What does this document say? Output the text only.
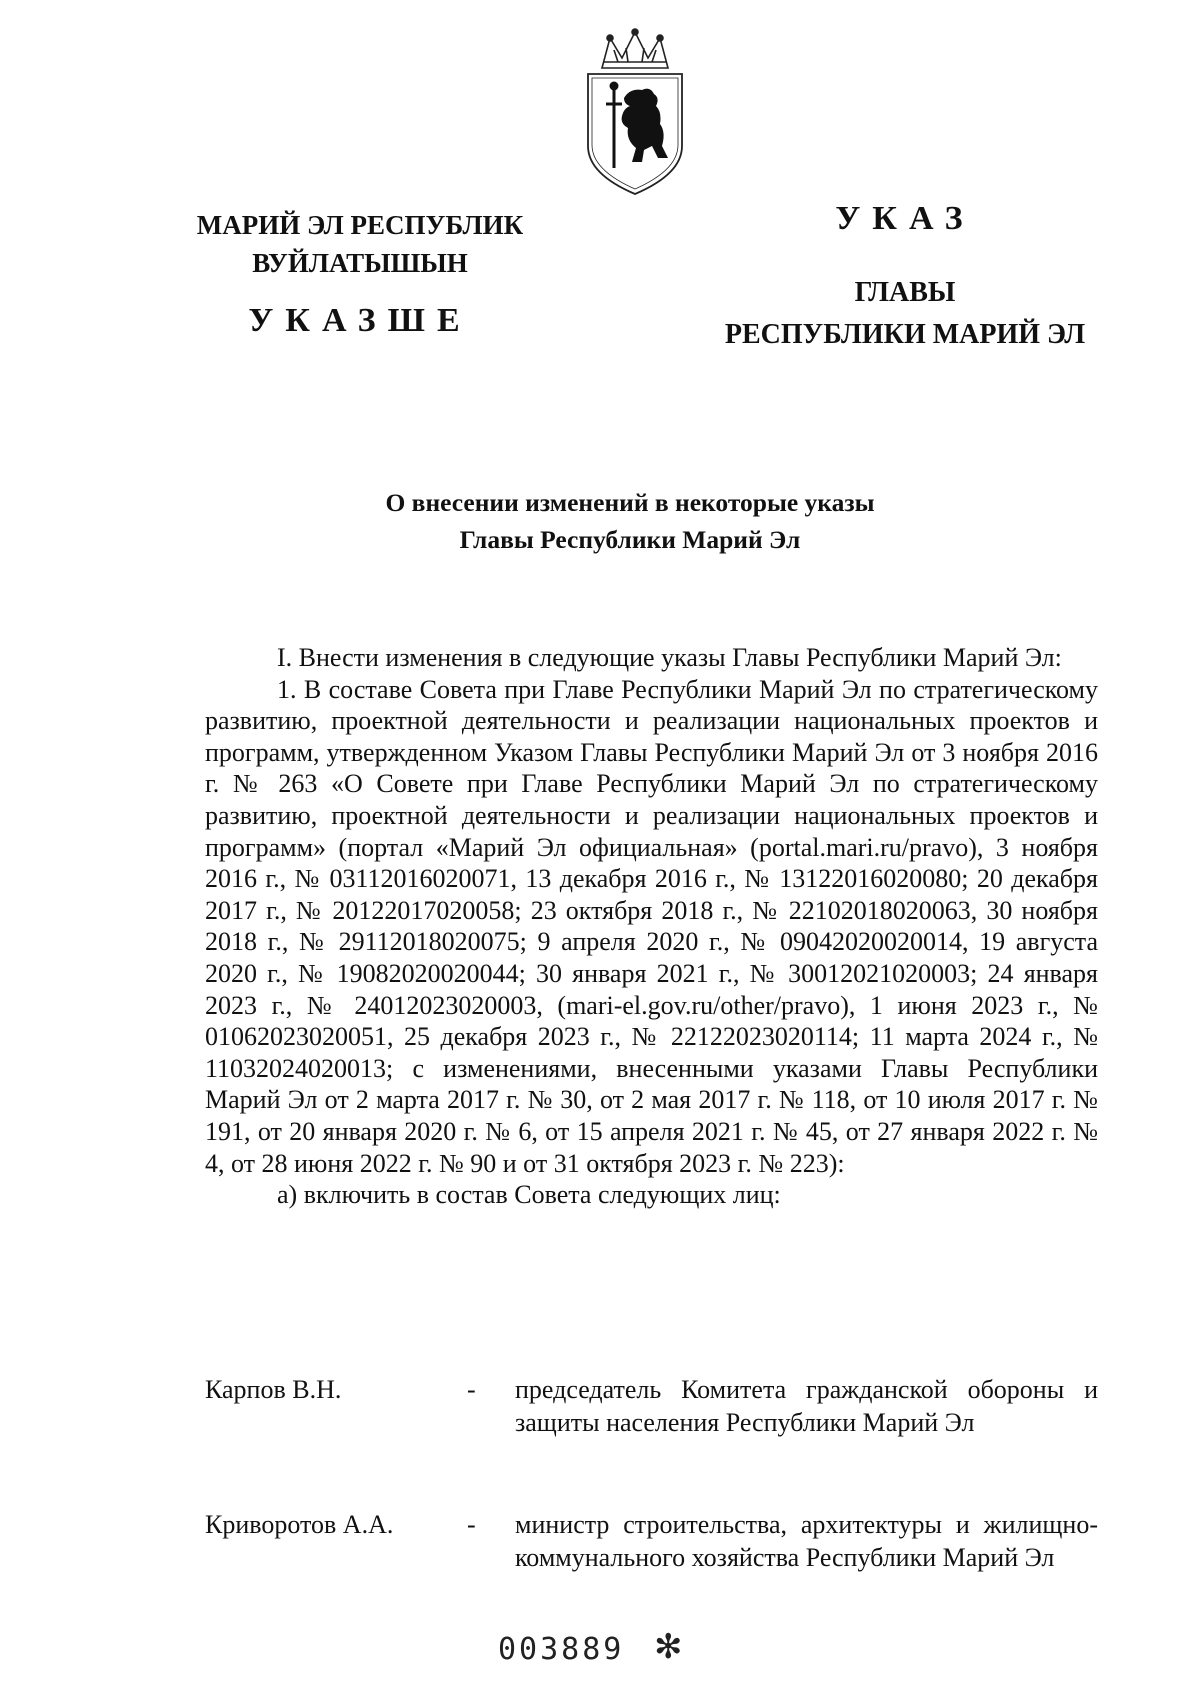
МАРИЙ ЭЛ РЕСПУБЛИК
ВУЙЛАТЫШЫН
УКАЗШЕ
УКАЗ
ГЛАВЫ
РЕСПУБЛИКИ МАРИЙ ЭЛ
О внесении изменений в некоторые указы
Главы Республики Марий Эл

I. Внести изменения в следующие указы Главы Республики Марий Эл:

1. В составе Совета при Главе Республики Марий Эл по стратегическому развитию, проектной деятельности и реализации национальных проектов и программ, утвержденном Указом Главы Республики Марий Эл от 3 ноября 2016 г. № 263 «О Совете при Главе Республики Марий Эл по стратегическому развитию, проектной деятельности и реализации национальных проектов и программ» (портал «Марий Эл официальная» (portal.mari.ru/pravo), 3 ноября 2016 г., № 03112016020071, 13 декабря 2016 г., № 13122016020080; 20 декабря 2017 г., № 20122017020058; 23 октября 2018 г., № 22102018020063, 30 ноября 2018 г., № 29112018020075; 9 апреля 2020 г., № 09042020020014, 19 августа 2020 г., № 19082020020044; 30 января 2021 г., № 30012021020003; 24 января 2023 г., № 24012023020003, (mari-el.gov.ru/other/pravo), 1 июня 2023 г., № 01062023020051, 25 декабря 2023 г., № 22122023020114; 11 марта 2024 г., № 11032024020013; с изменениями, внесенными указами Главы Республики Марий Эл от 2 марта 2017 г. № 30, от 2 мая 2017 г. № 118, от 10 июля 2017 г. № 191, от 20 января 2020 г. № 6, от 15 апреля 2021 г. № 45, от 27 января 2022 г. № 4, от 28 июня 2022 г. № 90 и от 31 октября 2023 г. № 223):

а) включить в состав Совета следующих лиц:

Карпов В.Н.	- председатель Комитета гражданской обороны и защиты населения Республики Марий Эл
Криворотов А.А.	- министр строительства, архитектуры и жилищно-коммунального хозяйства Республики Марий Эл
003889 ✻
